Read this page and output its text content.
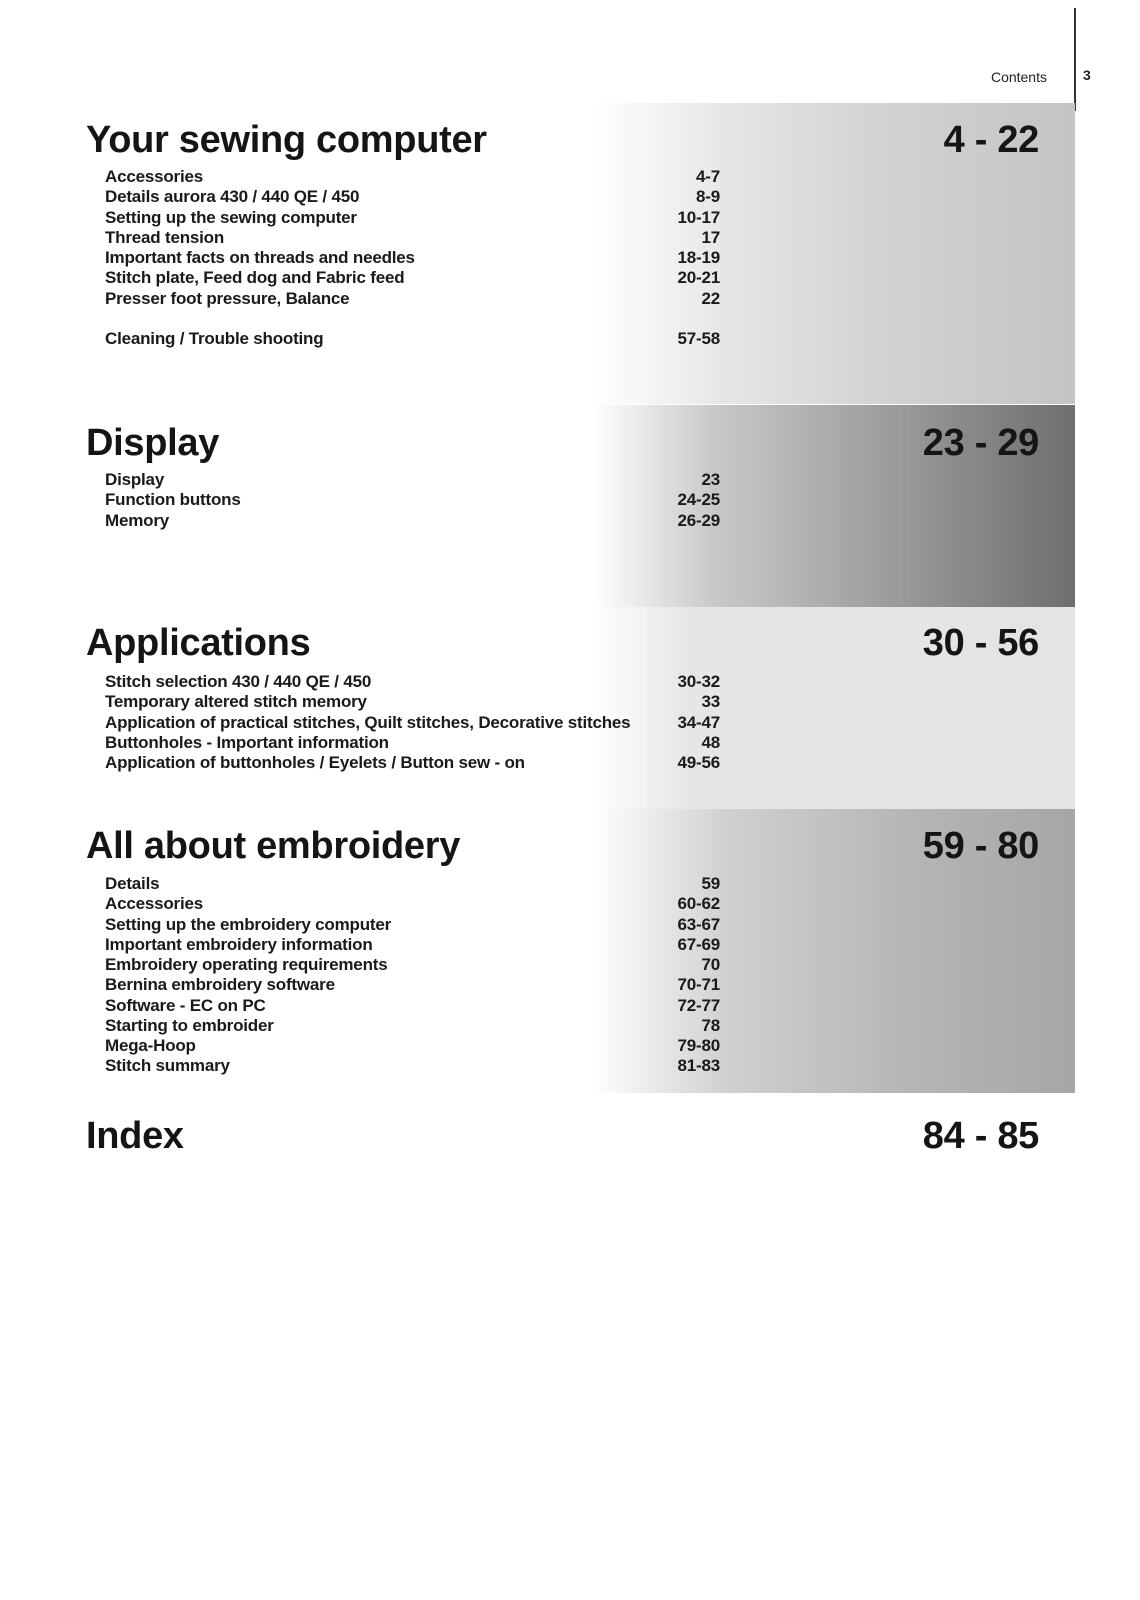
Contents	3
Your sewing computer	4 - 22
Accessories	4-7
Details aurora 430 / 440 QE / 450	8-9
Setting up the sewing computer	10-17
Thread tension	17
Important facts on threads and needles	18-19
Stitch plate, Feed dog and Fabric feed	20-21
Presser foot pressure, Balance	22
Cleaning / Trouble shooting	57-58
Display	23 - 29
Display	23
Function buttons	24-25
Memory	26-29
Applications	30 - 56
Stitch selection 430 / 440 QE / 450	30-32
Temporary altered stitch memory	33
Application of practical stitches, Quilt stitches, Decorative stitches	34-47
Buttonholes - Important information	48
Application of buttonholes / Eyelets / Button sew - on	49-56
All about embroidery	59 - 80
Details	59
Accessories	60-62
Setting up the embroidery computer	63-67
Important embroidery information	67-69
Embroidery operating requirements	70
Bernina embroidery software	70-71
Software - EC on PC	72-77
Starting to embroider	78
Mega-Hoop	79-80
Stitch summary	81-83
Index	84 - 85
